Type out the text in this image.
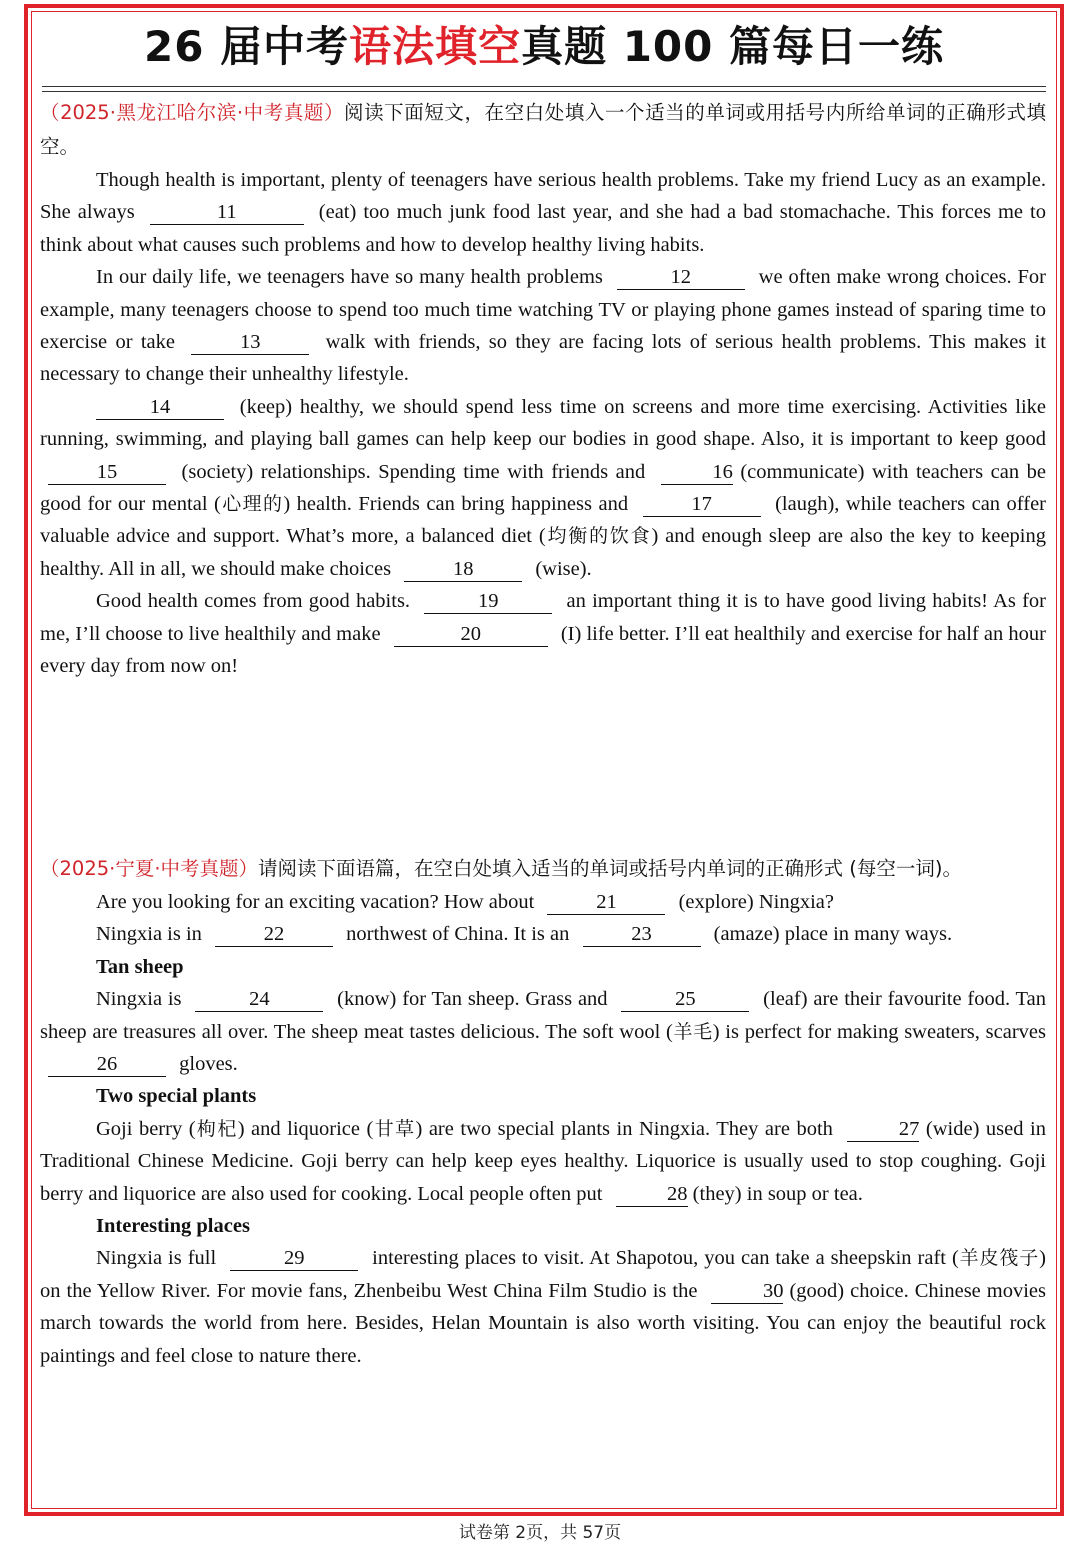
26 届中考语法填空真题 100 篇每日一练

（2025·黑龙江哈尔滨·中考真题）阅读下面短文，在空白处填入一个适当的单词或用括号内所给单词的正确形式填空。

Though health is important, plenty of teenagers have serious health problems. Take my friend Lucy as an example. She always	11	(eat) too much junk food last year, and she had a bad stomachache. This forces me to think about what causes such problems and how to develop healthy living habits.

In our daily life, we teenagers have so many health problems	12	we often make wrong choices. For example, many teenagers choose to spend too much time watching TV or playing phone games instead of sparing time to exercise or take	13	walk with friends, so they are facing lots of serious health problems. This makes it necessary to change their unhealthy lifestyle.

14	(keep) healthy, we should spend less time on screens and more time exercising. Activities like running, swimming, and playing ball games can help keep our bodies in good shape. Also, it is important to keep good 15	(society) relationships. Spending time with friends and	16 (communicate) with teachers can be good for our mental (心理的) health. Friends can bring happiness and	17	(laugh), while teachers can offer valuable advice and support. What’s more, a balanced diet (均衡的饮食) and enough sleep are also the key to keeping healthy. All in all, we should make choices	18	(wise).

Good health comes from good habits.	19	an important thing it is to have good living habits! As for me, I’ll choose to live healthily and make	20	(I) life better. I’ll eat healthily and exercise for half an hour every day from now on!

（2025·宁夏·中考真题）请阅读下面语篇，在空白处填入适当的单词或括号内单词的正确形式 (每空一词)。

Are you looking for an exciting vacation? How about	21	(explore) Ningxia?

Ningxia is in	22	northwest of China. It is an	23	(amaze) place in many ways.

Tan sheep

Ningxia is	24	(know) for Tan sheep. Grass and	25	(leaf) are their favourite food. Tan sheep are treasures all over. The sheep meat tastes delicious. The soft wool (羊毛) is perfect for making sweaters, scarves 26	gloves.

Two special plants

Goji berry (枸杞) and liquorice (甘草) are two special plants in Ningxia. They are both	27 (wide) used in Traditional Chinese Medicine. Goji berry can help keep eyes healthy. Liquorice is usually used to stop coughing. Goji berry and liquorice are also used for cooking. Local people often put	28 (they) in soup or tea.

Interesting places

Ningxia is full	29	interesting places to visit. At Shapotou, you can take a sheepskin raft (羊皮筏子) on the Yellow River. For movie fans, Zhenbeibu West China Film Studio is the	30 (good) choice. Chinese movies march towards the world from here. Besides, Helan Mountain is also worth visiting. You can enjoy the beautiful rock paintings and feel close to nature there.

试卷第 2页，共 57页
